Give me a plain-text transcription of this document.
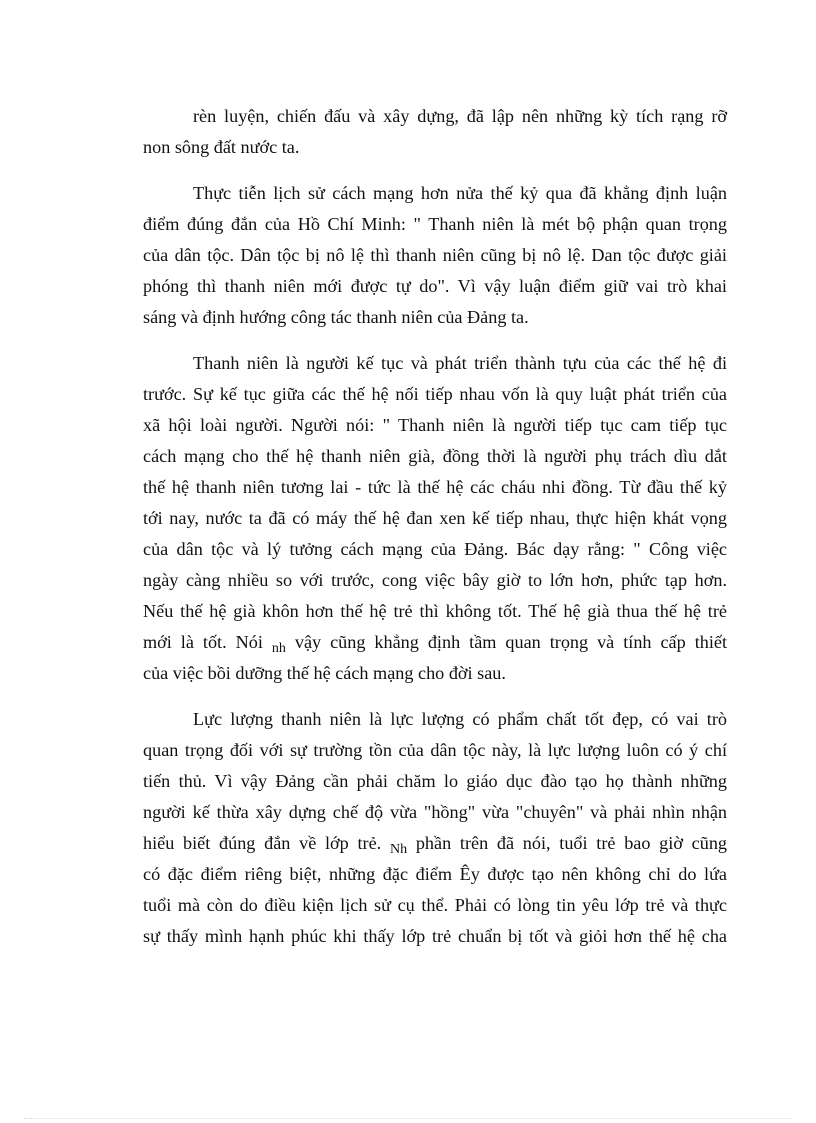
rèn luyện, chiến đấu và xây dựng, đã lập nên những kỳ tích rạng rỡ
non sông đất nước ta.
Thực tiễn lịch sử cách mạng hơn nửa thế kỷ qua đã khẳng định luận
điểm đúng đắn của Hồ Chí Minh: " Thanh niên là mét bộ phận quan trọng
của dân tộc. Dân tộc bị nô lệ thì thanh niên cũng bị nô lệ. Dan tộc được giải
phóng thì thanh niên mới được tự do". Vì vậy luận điểm giữ vai trò khai
sáng và định hướng công tác thanh niên của Đảng ta.
Thanh niên là người kế tục và phát triển thành tựu của các thế hệ đi
trước. Sự kế tục giữa các thế hệ nối tiếp nhau vốn là quy luật phát triển của
xã hội loài người. Người nói: " Thanh niên là người tiếp tục cam tiếp tục
cách mạng cho thế hệ thanh niên già, đồng thời là người phụ trách dìu dắt
thế hệ thanh niên tương lai - tức là thế hệ các cháu nhi đồng. Từ đầu thế kỷ
tới nay, nước ta đã có máy thế hệ đan xen kế tiếp nhau, thực hiện khát vọng
của dân tộc và lý tưởng cách mạng của Đảng. Bác dạy rằng: " Công việc
ngày càng nhiều so với trước, cong việc bây giờ to lớn hơn, phức tạp hơn.
Nếu thế hệ già khôn hơn thế hệ trẻ thì không tốt. Thế hệ già thua thế hệ trẻ
mới là tốt. Nói $_{nh}$ vậy cũng khẳng định tầm quan trọng và tính cấp thiết
của việc bồi dưỡng thế hệ cách mạng cho đời sau.
Lực lượng thanh niên là lực lượng có phẩm chất tốt đẹp, có vai trò
quan trọng đối với sự trường tồn của dân tộc này, là lực lượng luôn có ý chí
tiến thủ. Vì vậy Đảng cần phải chăm lo giáo dục đào tạo họ thành những
người kế thừa xây dựng chế độ vừa "hồng" vừa "chuyên" và phải nhìn nhận
hiểu biết đúng đắn về lớp trẻ. $_{Nh}$ phần trên đã nói, tuổi trẻ bao giờ cũng
có đặc điểm riêng biệt, những đặc điểm Êy được tạo nên không chỉ do lứa
tuổi mà còn do điều kiện lịch sử cụ thể. Phải có lòng tin yêu lớp trẻ và thực
sự thấy mình hạnh phúc khi thấy lớp trẻ chuẩn bị tốt và giỏi hơn thế hệ cha
